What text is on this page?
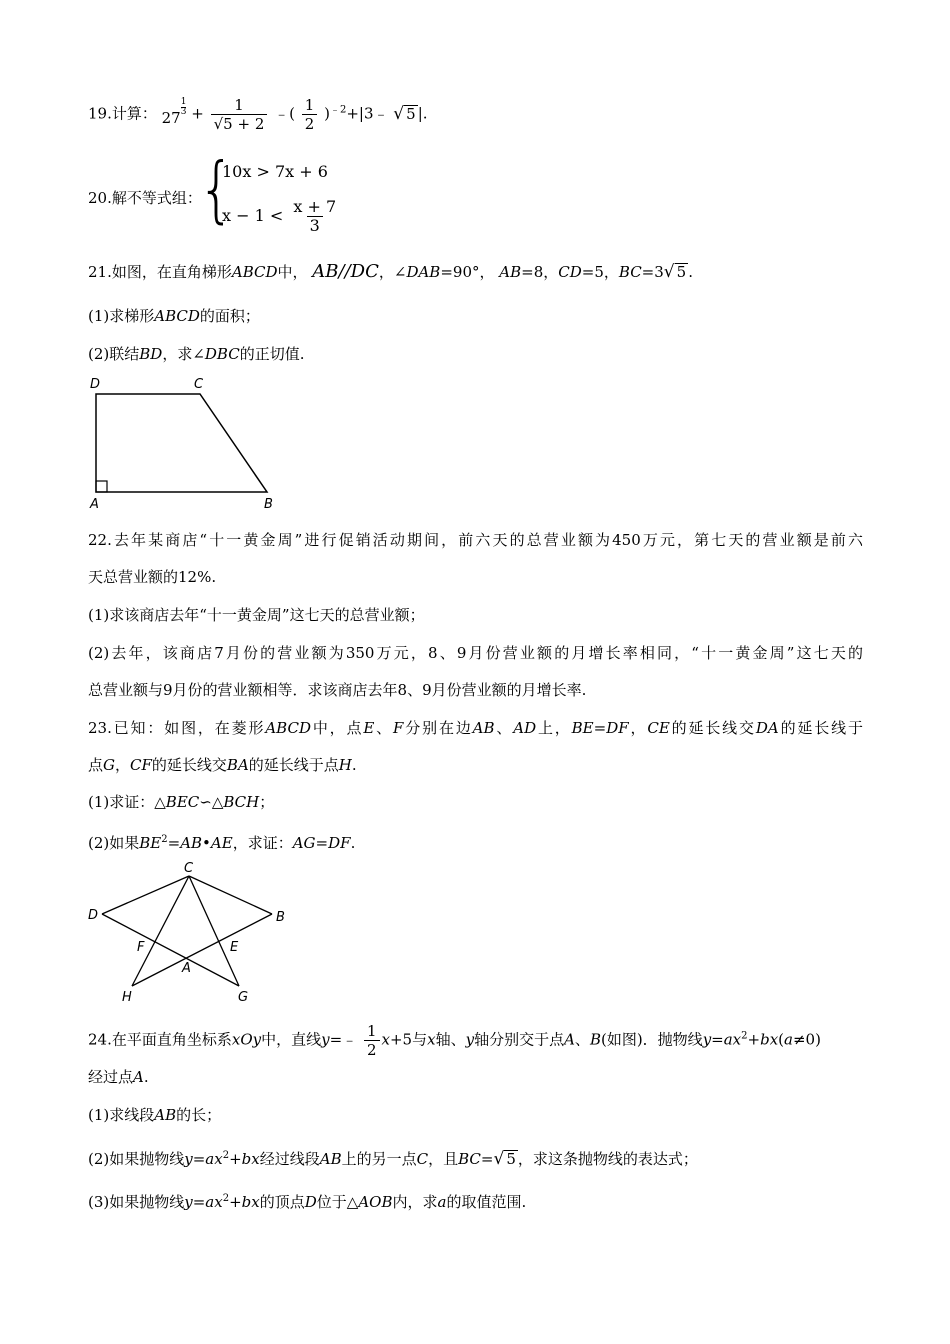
19.计算： 27
$\frac{1}{3} + \frac{1}{√5 + 2}$ ﹣( $\frac{1}{2}$ )$^{﹣2}$+|3﹣ √ 5 |.
20.解不等式组：
{
10x > 7x + 6
$x - 1 < \frac{x + 7}{3}$
21.如图，在直角梯形ABCD中， AB//DC，∠DAB=90°， AB=8，CD=5，BC=3 √ 5 .
(1)求梯形ABCD的面积；
(2)联结BD，求∠DBC的正切值.
D	C
A	B
22.去年某商店“十一黄金周”进行促销活动期间，前六天的总营业额为450万元，第七天的营业额是前六
天总营业额的12%.
(1)求该商店去年“十一黄金周”这七天的总营业额；
(2)去年，该商店7月份的营业额为350万元，8、9月份营业额的月增长率相同，“十一黄金周”这七天的
总营业额与9月份的营业额相等．求该商店去年8、9月份营业额的月增长率.
23.已知：如图，在菱形ABCD中，点E、F分别在边AB、AD上，BE=DF，CE的延长线交DA的延长线于
点G，CF的延长线交BA的延长线于点H.
(1)求证：△BEC∽△BCH；
(2)如果$BE^2=AB•AE$，求证：AG=DF.
C
D	B
F	E
A
H	G
24.在平面直角坐标系xOy中，直线y=﹣ $\frac{1}{2} x+5$与x轴、y轴分别交于点A、B(如图)．抛物线$y=ax^2+bx(a\ne 0)$
经过点A.
(1)求线段AB的长；
(2)如果抛物线$y=ax^2+bx$经过线段AB上的另一点C，且BC= √ 5 ，求这条抛物线的表达式；
(3)如果抛物线$y=ax^2+bx$的顶点D位于△AOB内，求a的取值范围.
